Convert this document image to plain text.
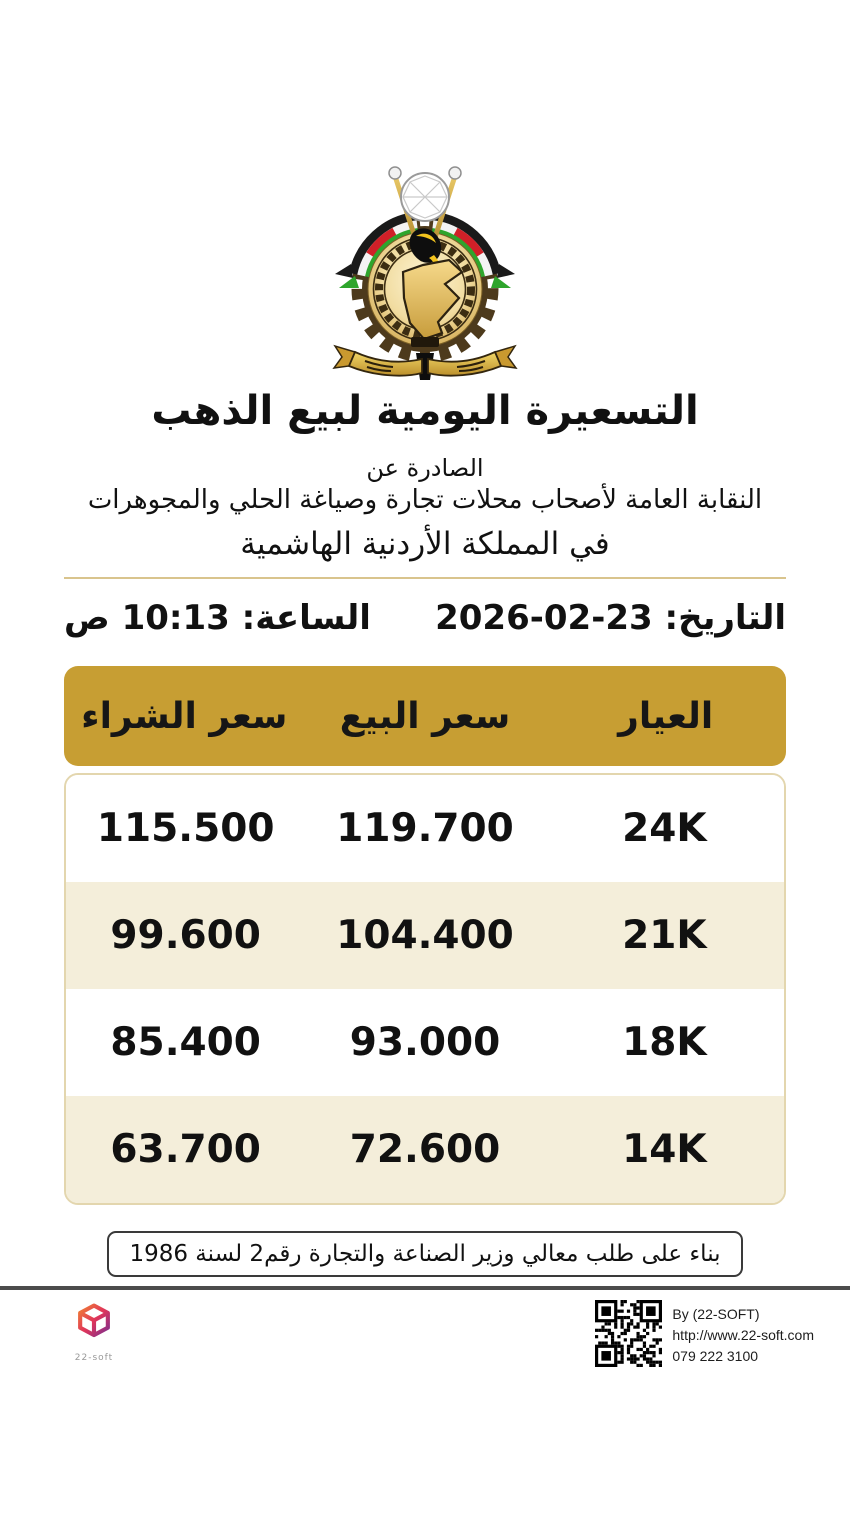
التسعيرة اليومية لبيع الذهب
الصادرة عن
النقابة العامة لأصحاب محلات تجارة وصياغة الحلي والمجوهرات
في المملكة الأردنية الهاشمية
التاريخ: 23-02-2026
الساعة: 10:13 ص
العيار
سعر البيع
سعر الشراء
24K
119.700
115.500
21K
104.400
99.600
18K
93.000
85.400
14K
72.600
63.700
بناء على طلب معالي وزير الصناعة والتجارة رقم2 لسنة 1986
22-soft
By (22-SOFT)
http://www.22-soft.com
079 222 3100
